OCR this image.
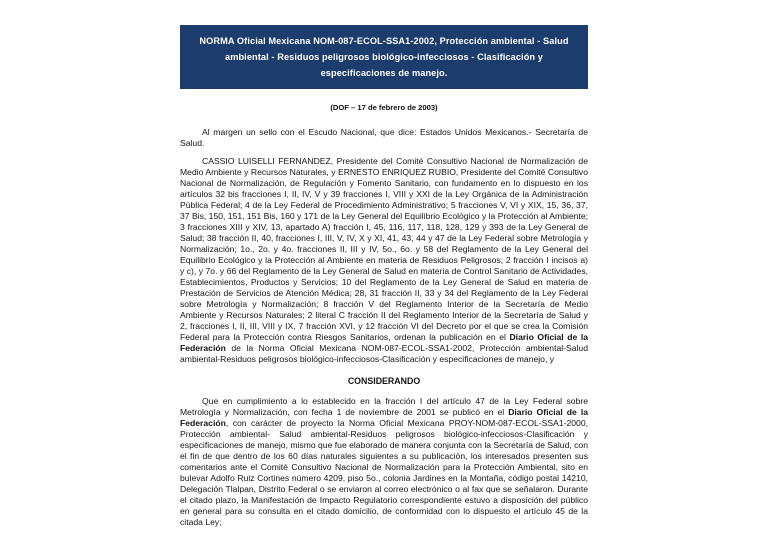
NORMA Oficial Mexicana NOM-087-ECOL-SSA1-2002, Protección ambiental - Salud ambiental - Residuos peligrosos biológico-infecciosos - Clasificación y especificaciones de manejo.
(DOF – 17 de febrero de 2003)

Al margen un sello con el Escudo Nacional, que dice: Estados Unidos Mexicanos.- Secretaría de Salud.

CASSIO LUISELLI FERNANDEZ, Presidente del Comité Consultivo Nacional de Normalización de Medio Ambiente y Recursos Naturales, y ERNESTO ENRIQUEZ RUBIO, Presidente del Comité Consultivo Nacional de Normalización, de Regulación y Fomento Sanitario, con fundamento en lo dispuesto en los artículos 32 bis fracciones I, II, IV, V y 39 fracciones I, VIII y XXI de la Ley Orgánica de la Administración Pública Federal; 4 de la Ley Federal de Procedimiento Administrativo; 5 fracciones V, VI y XIX, 15, 36, 37, 37 Bis, 150, 151, 151 Bis, 160 y 171 de la Ley General del Equilibrio Ecológico y la Protección al Ambiente; 3 fracciones XIII y XIV, 13, apartado A) fracción I, 45, 116, 117, 118, 128, 129 y 393 de la Ley General de Salud; 38 fracción II, 40, fracciones I, III, V, IV, X y XI, 41, 43, 44 y 47 de la Ley Federal sobre Metrología y Normalización; 1o., 2o. y 4o. fracciones II, III y IV, 5o., 6o. y 58 del Reglamento de la Ley General del Equilibrio Ecológico y la Protección al Ambiente en materia de Residuos Peligrosos; 2 fracción I incisos a) y c), y 7o. y 66 del Reglamento de la Ley General de Salud en materia de Control Sanitario de Actividades, Establecimientos, Productos y Servicios; 10 del Reglamento de la Ley General de Salud en materia de Prestación de Servicios de Atención Médica; 28, 31 fracción II, 33 y 34 del Reglamento de la Ley Federal sobre Metrología y Normalización; 8 fracción V del Reglamento Interior de la Secretaría de Medio Ambiente y Recursos Naturales; 2 literal C fracción II del Reglamento Interior de la Secretaría de Salud y 2, fracciones I, II, III, VIII y IX, 7 fracción XVI, y 12 fracción VI del Decreto por el que se crea la Comisión Federal para la Protección contra Riesgos Sanitarios, ordenan la publicación en el Diario Oficial de la Federación de la Norma Oficial Mexicana NOM-087-ECOL-SSA1-2002, Protección ambiental-Salud ambiental-Residuos peligrosos biológico-infecciosos-Clasificación y especificaciones de manejo, y

CONSIDERANDO

Que en cumplimiento a lo establecido en la fracción I del artículo 47 de la Ley Federal sobre Metrología y Normalización, con fecha 1 de noviembre de 2001 se publicó en el Diario Oficial de la Federación, con carácter de proyecto la Norma Oficial Mexicana PROY-NOM-087-ECOL-SSA1-2000, Protección ambiental- Salud ambiental-Residuos peligrosos biológico-infecciosos-Clasificación y especificaciones de manejo, mismo que fue elaborado de manera conjunta con la Secretaría de Salud, con el fin de que dentro de los 60 días naturales siguientes a su publicación, los interesados presenten sus comentarios ante el Comité Consultivo Nacional de Normalización para la Protección Ambiental, sito en bulevar Adolfo Ruiz Cortines número 4209, piso 5o., colonia Jardines en la Montaña, código postal 14210, Delegación Tlalpan, Distrito Federal o se enviaron al correo electrónico o al fax que se señalaron. Durante el citado plazo, la Manifestación de Impacto Regulatorio correspondiente estuvo a disposición del público en general para su consulta en el citado domicilio, de conformidad con lo dispuesto el artículo 45 de la citada Ley;
